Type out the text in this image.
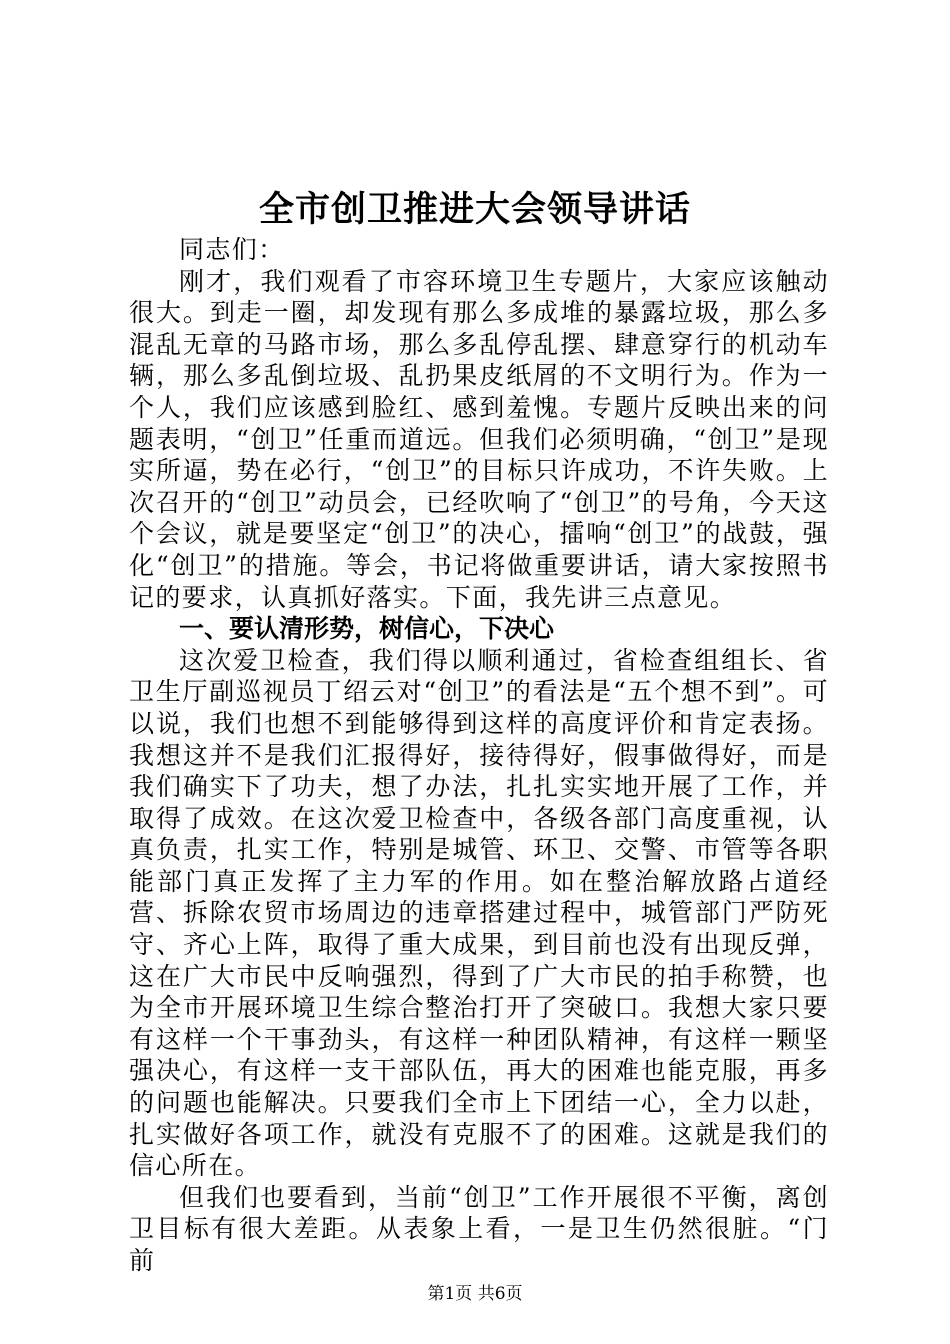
全市创卫推进大会领导讲话

同志们：

刚才，我们观看了市容环境卫生专题片，大家应该触动很大。到走一圈，却发现有那么多成堆的暴露垃圾，那么多混乱无章的马路市场，那么多乱停乱摆、肆意穿行的机动车辆，那么多乱倒垃圾、乱扔果皮纸屑的不文明行为。作为一个人，我们应该感到脸红、感到羞愧。专题片反映出来的问题表明，“创卫”任重而道远。但我们必须明确，“创卫”是现实所逼，势在必行，“创卫”的目标只许成功，不许失败。上次召开的“创卫”动员会，已经吹响了“创卫”的号角，今天这个会议，就是要坚定“创卫”的决心，擂响“创卫”的战鼓，强化“创卫”的措施。等会，书记将做重要讲话，请大家按照书记的要求，认真抓好落实。下面，我先讲三点意见。

一、要认清形势，树信心，下决心

这次爱卫检查，我们得以顺利通过，省检查组组长、省卫生厅副巡视员丁绍云对“创卫”的看法是“五个想不到”。可以说，我们也想不到能够得到这样的高度评价和肯定表扬。我想这并不是我们汇报得好，接待得好，假事做得好，而是我们确实下了功夫，想了办法，扎扎实实地开展了工作，并取得了成效。在这次爱卫检查中，各级各部门高度重视，认真负责，扎实工作，特别是城管、环卫、交警、市管等各职能部门真正发挥了主力军的作用。如在整治解放路占道经营、拆除农贸市场周边的违章搭建过程中，城管部门严防死守、齐心上阵，取得了重大成果，到目前也没有出现反弹，这在广大市民中反响强烈，得到了广大市民的拍手称赞，也为全市开展环境卫生综合整治打开了突破口。我想大家只要有这样一个干事劲头，有这样一种团队精神，有这样一颗坚强决心，有这样一支干部队伍，再大的困难也能克服，再多的问题也能解决。只要我们全市上下团结一心，全力以赴，扎实做好各项工作，就没有克服不了的困难。这就是我们的信心所在。

但我们也要看到，当前“创卫”工作开展很不平衡，离创卫目标有很大差距。从表象上看，一是卫生仍然很脏。“门前

第1页 共6页
